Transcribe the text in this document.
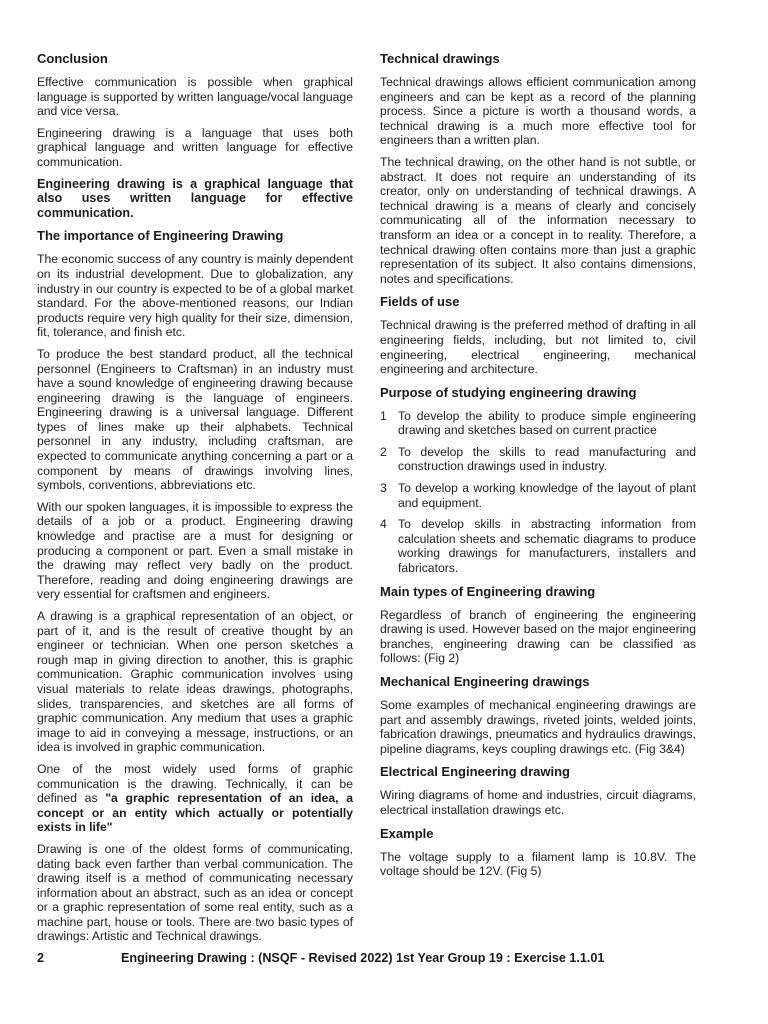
Conclusion

Effective communication is possible when graphical language is supported by written language/vocal language and vice versa.

Engineering drawing is a language that uses both graphical language and written language for effective communication.

Engineering drawing is a graphical language that also uses written language for effective communication.

The importance of Engineering Drawing

The economic success of any country is mainly dependent on its industrial development. Due to globalization, any industry in our country is expected to be of a global market standard. For the above-mentioned reasons, our Indian products require very high quality for their size, dimension, fit, tolerance, and finish etc.

To produce the best standard product, all the technical personnel (Engineers to Craftsman) in an industry must have a sound knowledge of engineering drawing because engineering drawing is the language of engineers. Engineering drawing is a universal language. Different types of lines make up their alphabets. Technical personnel in any industry, including craftsman, are expected to communicate anything concerning a part or a component by means of drawings involving lines, symbols, conventions, abbreviations etc.

With our spoken languages, it is impossible to express the details of a job or a product. Engineering drawing knowledge and practise are a must for designing or producing a component or part. Even a small mistake in the drawing may reflect very badly on the product. Therefore, reading and doing engineering drawings are very essential for craftsmen and engineers.

A drawing is a graphical representation of an object, or part of it, and is the result of creative thought by an engineer or technician. When one person sketches a rough map in giving direction to another, this is graphic communication. Graphic communication involves using visual materials to relate ideas drawings, photographs, slides, transparencies, and sketches are all forms of graphic communication. Any medium that uses a graphic image to aid in conveying a message, instructions, or an idea is involved in graphic communication.

One of the most widely used forms of graphic communication is the drawing. Technically, it can be defined as "a graphic representation of an idea, a concept or an entity which actually or potentially exists in life"

Drawing is one of the oldest forms of communicating, dating back even farther than verbal communication. The drawing itself is a method of communicating necessary information about an abstract, such as an idea or concept or a graphic representation of some real entity, such as a machine part, house or tools. There are two basic types of drawings: Artistic and Technical drawings.

Technical drawings

Technical drawings allows efficient communication among engineers and can be kept as a record of the planning process. Since a picture is worth a thousand words, a technical drawing is a much more effective tool for engineers than a written plan.

The technical drawing, on the other hand is not subtle, or abstract. It does not require an understanding of its creator, only on understanding of technical drawings. A technical drawing is a means of clearly and concisely communicating all of the information necessary to transform an idea or a concept in to reality. Therefore, a technical drawing often contains more than just a graphic representation of its subject. It also contains dimensions, notes and specifications.

Fields of use

Technical drawing is the preferred method of drafting in all engineering fields, including, but not limited to, civil engineering, electrical engineering, mechanical engineering and architecture.

Purpose of studying engineering drawing
1 To develop the ability to produce simple engineering drawing and sketches based on current practice
2 To develop the skills to read manufacturing and construction drawings used in industry.
3 To develop a working knowledge of the layout of plant and equipment.
4 To develop skills in abstracting information from calculation sheets and schematic diagrams to produce working drawings for manufacturers, installers and fabricators.
Main types of Engineering drawing

Regardless of branch of engineering the engineering drawing is used. However based on the major engineering branches, engineering drawing can be classified as follows: (Fig 2)

Mechanical Engineering drawings

Some examples of mechanical engineering drawings are part and assembly drawings, riveted joints, welded joints, fabrication drawings, pneumatics and hydraulics drawings, pipeline diagrams, keys coupling drawings etc. (Fig 3&4)

Electrical Engineering drawing

Wiring diagrams of home and industries, circuit diagrams, electrical installation drawings etc.

Example

The voltage supply to a filament lamp is 10.8V. The voltage should be 12V. (Fig 5)

2	Engineering Drawing : (NSQF - Revised 2022) 1st Year Group 19 : Exercise 1.1.01
